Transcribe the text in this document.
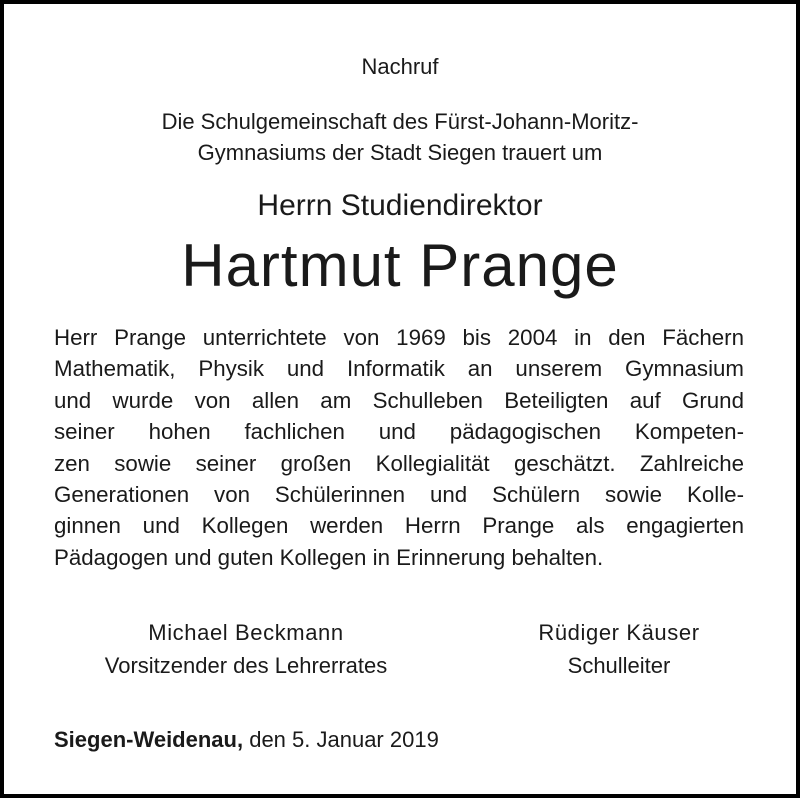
Nachruf
Die Schulgemeinschaft des Fürst-Johann-Moritz-
Gymnasiums der Stadt Siegen trauert um
Herrn Studiendirektor
Hartmut Prange
Herr Prange unterrichtete von 1969 bis 2004 in den Fächern
Mathematik, Physik und Informatik an unserem Gymnasium
und wurde von allen am Schulleben Beteiligten auf Grund
seiner hohen fachlichen und pädagogischen Kompeten-
zen sowie seiner großen Kollegialität geschätzt. Zahlreiche
Generationen von Schülerinnen und Schülern sowie Kolle-
ginnen und Kollegen werden Herrn Prange als engagierten
Pädagogen und guten Kollegen in Erinnerung behalten.
Michael Beckmann
Vorsitzender des Lehrerrates
Rüdiger Käuser
Schulleiter
Siegen-Weidenau, den 5. Januar 2019
